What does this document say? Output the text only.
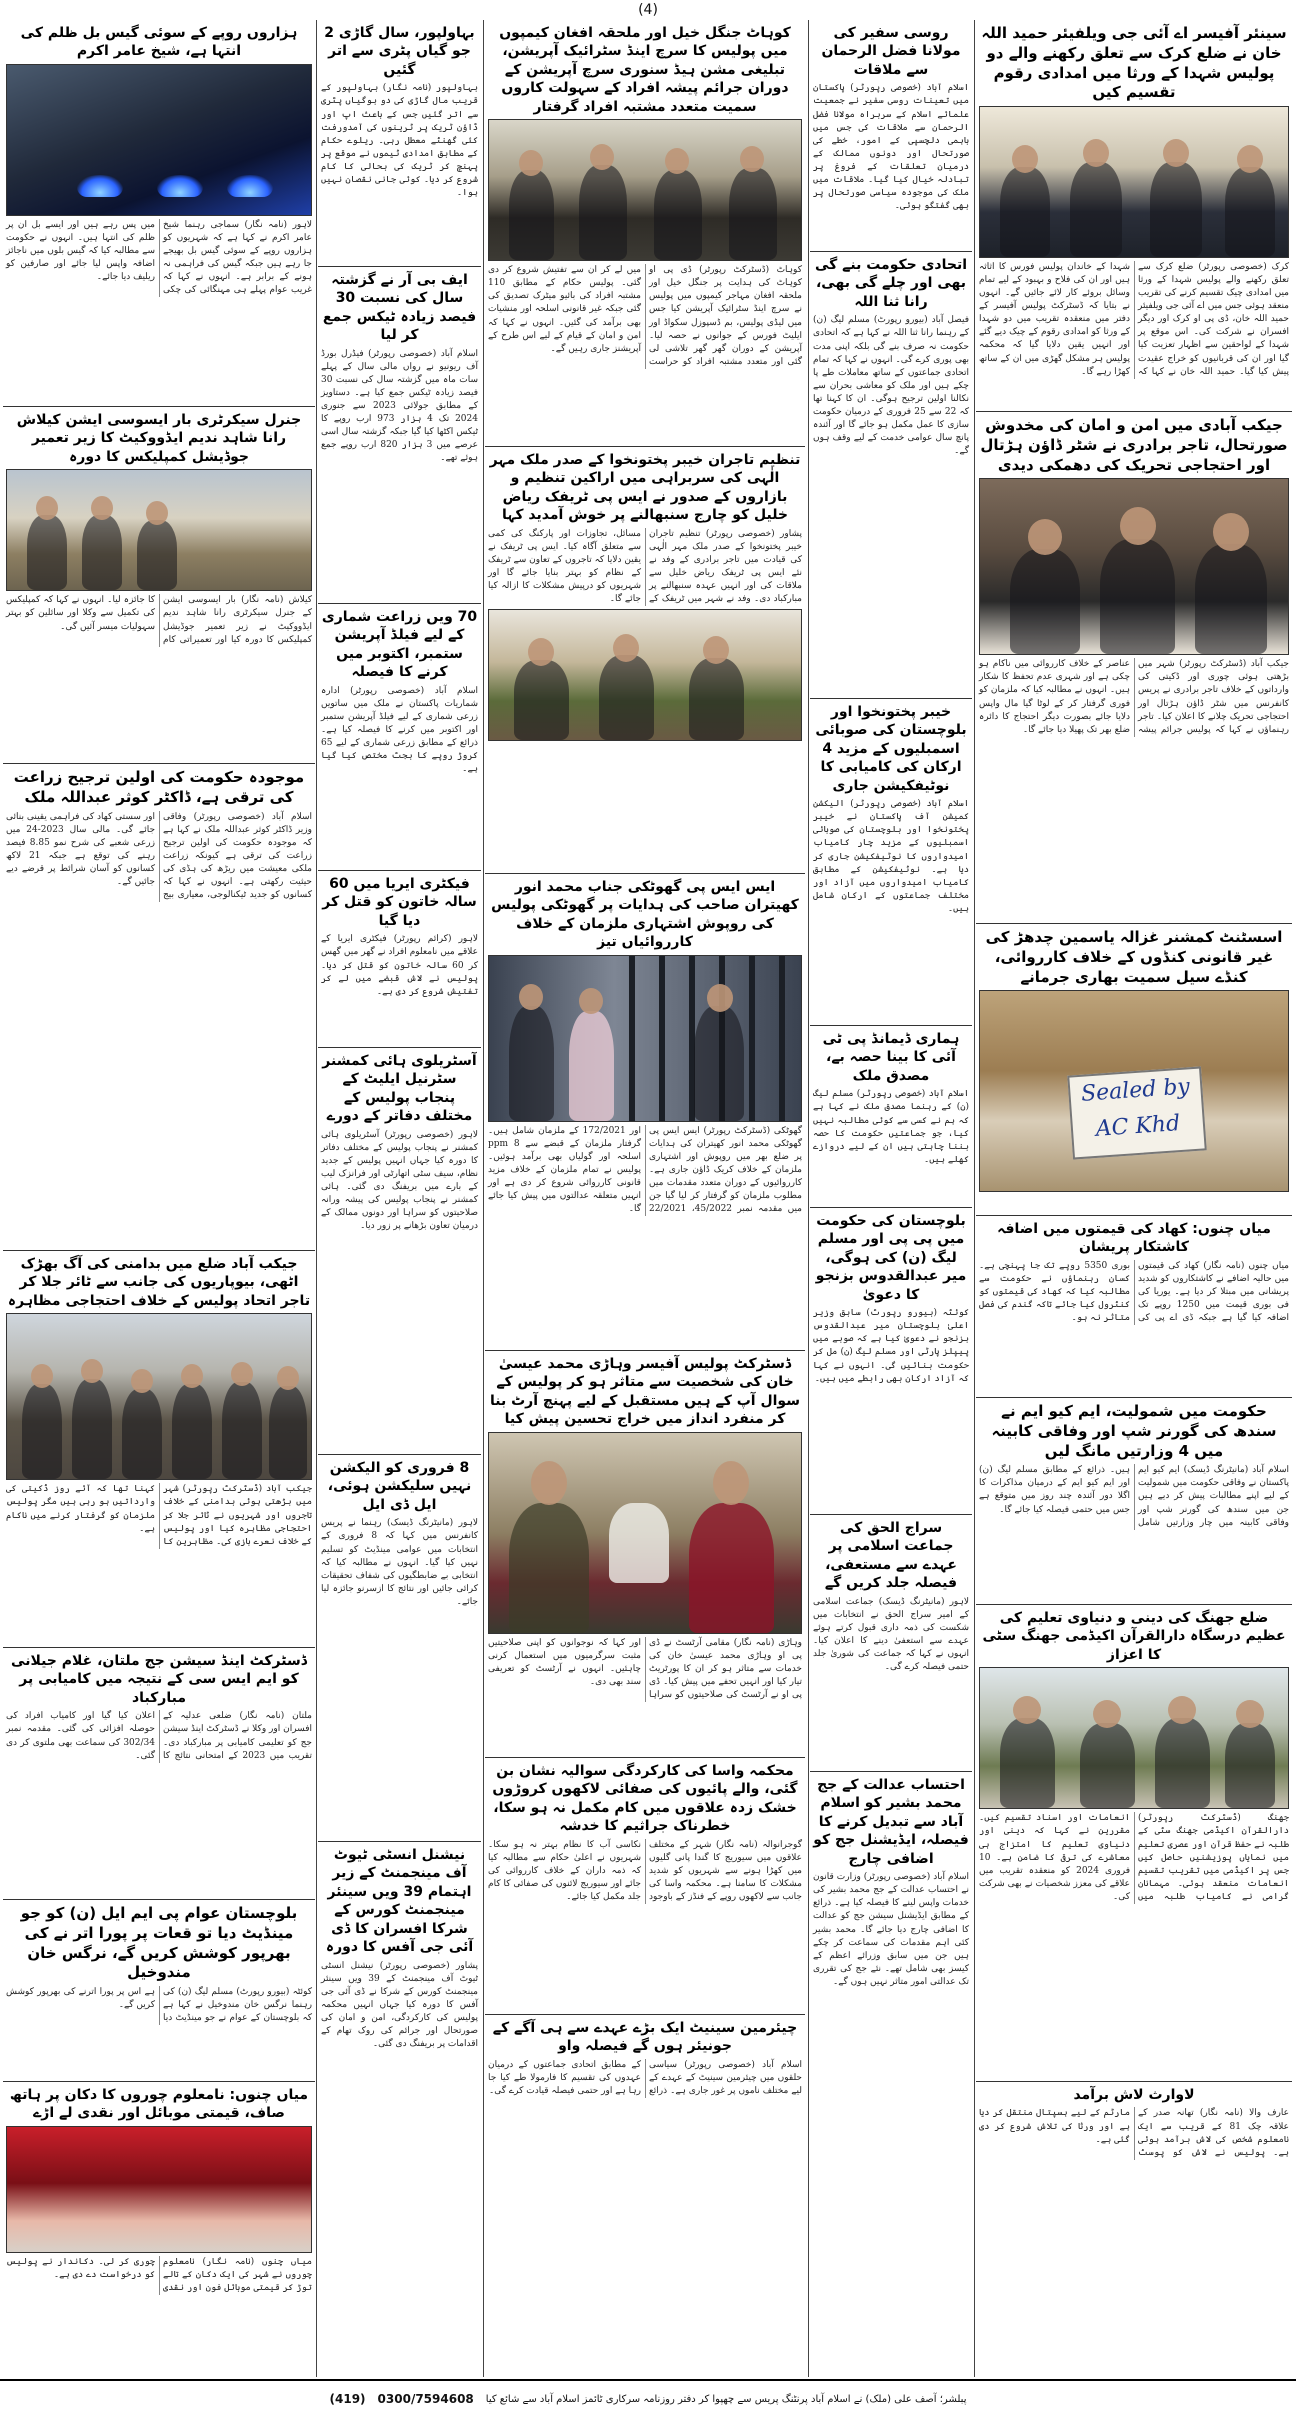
(4)
سینئر آفیسر اے آئی جی ویلفیئر حمید اللہ خان نے ضلع کرک سے تعلق رکھنے والے دو پولیس شہدا کے ورثا میں امدادی رقوم تقسیم کیں

کرک (خصوصی رپورٹر) ضلع کرک سے تعلق رکھنے والے پولیس شہدا کے ورثا میں امدادی چیک تقسیم کرنے کی تقریب منعقد ہوئی جس میں اے آئی جی ویلفیئر حمید اللہ خان، ڈی پی او کرک اور دیگر افسران نے شرکت کی۔ اس موقع پر شہدا کے لواحقین سے اظہار تعزیت کیا گیا اور ان کی قربانیوں کو خراج عقیدت پیش کیا گیا۔ حمید اللہ خان نے کہا کہ شہدا کے خاندان پولیس فورس کا اثاثہ ہیں اور ان کی فلاح و بہبود کے لیے تمام وسائل بروئے کار لائے جائیں گے۔ انہوں نے بتایا کہ ڈسٹرکٹ پولیس آفیسر کے دفتر میں منعقدہ تقریب میں دو شہدا کے ورثا کو امدادی رقوم کے چیک دیے گئے اور انہیں یقین دلایا گیا کہ محکمہ پولیس ہر مشکل گھڑی میں ان کے ساتھ کھڑا رہے گا۔

جیکب آبادی میں امن و امان کی مخدوش صورتحال، تاجر برادری نے شٹر ڈاؤن ہڑتال اور احتجاجی تحریک کی دھمکی دیدی

جیکب آباد (ڈسٹرکٹ رپورٹر) شہر میں بڑھتی ہوئی چوری اور ڈکیتی کی وارداتوں کے خلاف تاجر برادری نے پریس کانفرنس میں شٹر ڈاؤن ہڑتال اور احتجاجی تحریک چلانے کا اعلان کیا۔ تاجر رہنماؤں نے کہا کہ پولیس جرائم پیشہ عناصر کے خلاف کارروائی میں ناکام ہو چکی ہے اور شہری عدم تحفظ کا شکار ہیں۔ انہوں نے مطالبہ کیا کہ ملزمان کو فوری گرفتار کر کے لوٹا گیا مال واپس دلایا جائے بصورت دیگر احتجاج کا دائرہ ضلع بھر تک پھیلا دیا جائے گا۔

اسسٹنٹ کمشنر غزالہ یاسمین چدھڑ کی غیر قانونی کنڈوں کے خلاف کارروائی، کنڈے سیل سمیت بھاری جرمانے
Sealed by AC Khd
میاں چنوں: کھاد کی قیمتوں میں اضافہ کاشتکار پریشان

میاں چنوں (نامہ نگار) کھاد کی قیمتوں میں حالیہ اضافے نے کاشتکاروں کو شدید پریشانی میں مبتلا کر دیا ہے۔ یوریا کی فی بوری قیمت میں 1250 روپے تک اضافہ کیا گیا ہے جبکہ ڈی اے پی کی بوری 5350 روپے تک جا پہنچی ہے۔ کسان رہنماؤں نے حکومت سے مطالبہ کیا کہ کھاد کی قیمتوں کو کنٹرول کیا جائے تاکہ گندم کی فصل متاثر نہ ہو۔

حکومت میں شمولیت، ایم کیو ایم نے سندھ کی گورنر شپ اور وفاقی کابینہ میں 4 وزارتیں مانگ لیں

اسلام آباد (مانیٹرنگ ڈیسک) ایم کیو ایم پاکستان نے وفاقی حکومت میں شمولیت کے لیے اپنے مطالبات پیش کر دیے ہیں جن میں سندھ کی گورنر شپ اور وفاقی کابینہ میں چار وزارتیں شامل ہیں۔ ذرائع کے مطابق مسلم لیگ (ن) اور ایم کیو ایم کے درمیان مذاکرات کا اگلا دور آئندہ چند روز میں متوقع ہے جس میں حتمی فیصلہ کیا جائے گا۔

ضلع جھنگ کی دینی و دنیاوی تعلیم کی عظیم درسگاہ دارالقرآن اکیڈمی جھنگ سٹی کا اعزاز

جھنگ (ڈسٹرکٹ رپورٹر) دارالقرآن اکیڈمی جھنگ سٹی کے طلبہ نے حفظ قرآن اور عصری تعلیم میں نمایاں پوزیشنیں حاصل کیں جس پر اکیڈمی میں تقریب تقسیم انعامات منعقد ہوئی۔ مہمانان گرامی نے کامیاب طلبہ میں انعامات اور اسناد تقسیم کیں۔ مقررین نے کہا کہ دینی اور دنیاوی تعلیم کا امتزاج ہی معاشرے کی ترقی کا ضامن ہے۔ 10 فروری 2024 کو منعقدہ تقریب میں علاقے کی معزز شخصیات نے بھی شرکت کی۔

لاوارث لاش برآمد

عارف والا (نامہ نگار) تھانہ صدر کے علاقہ چک 81 کے قریب سے ایک نامعلوم شخص کی لاش برآمد ہوئی ہے۔ پولیس نے لاش کو پوسٹ مارٹم کے لیے ہسپتال منتقل کر دیا ہے اور ورثا کی تلاش شروع کر دی گئی ہے۔

روسی سفیر کی مولانا فضل الرحمان سے ملاقات

اسلام آباد (خصوصی رپورٹر) پاکستان میں تعینات روسی سفیر نے جمعیت علمائے اسلام کے سربراہ مولانا فضل الرحمان سے ملاقات کی جس میں باہمی دلچسپی کے امور، خطے کی صورتحال اور دونوں ممالک کے درمیان تعلقات کے فروغ پر تبادلہ خیال کیا گیا۔ ملاقات میں ملک کی موجودہ سیاسی صورتحال پر بھی گفتگو ہوئی۔

اتحادی حکومت بنے گی بھی اور چلے گی بھی، رانا ثنا اللہ

فیصل آباد (بیورو رپورٹ) مسلم لیگ (ن) کے رہنما رانا ثنا اللہ نے کہا ہے کہ اتحادی حکومت نہ صرف بنے گی بلکہ اپنی مدت بھی پوری کرے گی۔ انہوں نے کہا کہ تمام اتحادی جماعتوں کے ساتھ معاملات طے پا چکے ہیں اور ملک کو معاشی بحران سے نکالنا اولین ترجیح ہوگی۔ ان کا کہنا تھا کہ 22 سے 25 فروری کے درمیان حکومت سازی کا عمل مکمل ہو جائے گا اور آئندہ پانچ سال عوامی خدمت کے لیے وقف ہوں گے۔

خیبر پختونخوا اور بلوچستان کی صوبائی اسمبلیوں کے مزید 4 ارکان کی کامیابی کا نوٹیفکیشن جاری

اسلام آباد (خصوصی رپورٹر) الیکشن کمیشن آف پاکستان نے خیبر پختونخوا اور بلوچستان کی صوبائی اسمبلیوں کے مزید چار کامیاب امیدواروں کا نوٹیفکیشن جاری کر دیا ہے۔ نوٹیفکیشن کے مطابق کامیاب امیدواروں میں آزاد اور مختلف جماعتوں کے ارکان شامل ہیں۔

ہماری ڈیمانڈ پی ٹی آئی کا بینا حصہ بے، مصدق ملک

اسلام آباد (خصوصی رپورٹر) مسلم لیگ (ن) کے رہنما مصدق ملک نے کہا ہے کہ ہم نے کسی سے کوئی مطالبہ نہیں کیا، جو جماعتیں حکومت کا حصہ بننا چاہتی ہیں ان کے لیے دروازے کھلے ہیں۔

بلوچستان کی حکومت میں پی پی اور مسلم لیگ (ن) کی ہوگی، میر عبدالقدوس بزنجو کا دعویٰ

کوئٹہ (بیورو رپورٹ) سابق وزیر اعلیٰ بلوچستان میر عبدالقدوس بزنجو نے دعویٰ کیا ہے کہ صوبے میں پیپلز پارٹی اور مسلم لیگ (ن) مل کر حکومت بنائیں گی۔ انہوں نے کہا کہ آزاد ارکان بھی رابطے میں ہیں۔

سراج الحق کی جماعت اسلامی پر عہدے سے مستعفی، فیصلہ جلد کریں گے

لاہور (مانیٹرنگ ڈیسک) جماعت اسلامی کے امیر سراج الحق نے انتخابات میں شکست کی ذمہ داری قبول کرتے ہوئے عہدے سے استعفیٰ دینے کا اعلان کیا۔ انہوں نے کہا کہ جماعت کی شوریٰ جلد حتمی فیصلہ کرے گی۔

احتساب عدالت کے جج محمد بشیر کو اسلام آباد سے تبدیل کرنے کا فیصلہ، ایڈیشنل جج کو اضافی چارج

اسلام آباد (خصوصی رپورٹر) وزارت قانون نے احتساب عدالت کے جج محمد بشیر کی خدمات واپس لینے کا فیصلہ کیا ہے۔ ذرائع کے مطابق ایڈیشنل سیشن جج کو عدالت کا اضافی چارج دیا جائے گا۔ محمد بشیر کئی اہم مقدمات کی سماعت کر چکے ہیں جن میں سابق وزرائے اعظم کے کیسز بھی شامل تھے۔ نئے جج کی تقرری تک عدالتی امور متاثر نہیں ہوں گے۔

کوہاٹ جنگل خیل اور ملحقہ افغان کیمپوں میں پولیس کا سرچ اینڈ سٹرائیک آپریشن، تبلیغی مشن ہیڈ سنوری سرچ آپریشن کے دوران جرائم پیشہ افراد کے سہولت کاروں سمیت متعدد مشتبہ افراد گرفتار

کوہاٹ (ڈسٹرکٹ رپورٹر) ڈی پی او کوہاٹ کی ہدایت پر جنگل خیل اور ملحقہ افغان مہاجر کیمپوں میں پولیس نے سرچ اینڈ سٹرائیک آپریشن کیا جس میں لیڈی پولیس، بم ڈسپوزل سکواڈ اور ایلیٹ فورس کے جوانوں نے حصہ لیا۔ آپریشن کے دوران گھر گھر تلاشی لی گئی اور متعدد مشتبہ افراد کو حراست میں لے کر ان سے تفتیش شروع کر دی گئی۔ پولیس حکام کے مطابق 110 مشتبہ افراد کی بائیو میٹرک تصدیق کی گئی جبکہ غیر قانونی اسلحہ اور منشیات بھی برآمد کی گئیں۔ انہوں نے کہا کہ امن و امان کے قیام کے لیے اس طرح کے آپریشنز جاری رہیں گے۔

تنظیم تاجران خیبر پختونخوا کے صدر ملک مہر الٰہی کی سربراہی میں اراکین تنظیم و بازاروں کے صدور نے ایس پی ٹریفک ریاض خلیل کو چارج سنبھالنے پر خوش آمدید کہا

پشاور (خصوصی رپورٹر) تنظیم تاجران خیبر پختونخوا کے صدر ملک مہر الٰہی کی قیادت میں تاجر برادری کے وفد نے نئے ایس پی ٹریفک ریاض خلیل سے ملاقات کی اور انہیں عہدہ سنبھالنے پر مبارکباد دی۔ وفد نے شہر میں ٹریفک کے مسائل، تجاوزات اور پارکنگ کی کمی سے متعلق آگاہ کیا۔ ایس پی ٹریفک نے یقین دلایا کہ تاجروں کے تعاون سے ٹریفک کے نظام کو بہتر بنایا جائے گا اور شہریوں کو درپیش مشکلات کا ازالہ کیا جائے گا۔

ایس ایس پی گھوٹکی جناب محمد انور کھیتران صاحب کی ہدایات پر گھوٹکی پولیس کی روپوش اشتہاری ملزمان کے خلاف کارروائیاں تیز

گھوٹکی (ڈسٹرکٹ رپورٹر) ایس ایس پی گھوٹکی محمد انور کھیتران کی ہدایات پر ضلع بھر میں روپوش اور اشتہاری ملزمان کے خلاف کریک ڈاؤن جاری ہے۔ کارروائیوں کے دوران متعدد مقدمات میں مطلوب ملزمان کو گرفتار کر لیا گیا جن میں مقدمہ نمبر 45/2022، 22/2021 اور 172/2021 کے ملزمان شامل ہیں۔ گرفتار ملزمان کے قبضے سے 8 ppm اسلحہ اور گولیاں بھی برآمد ہوئیں۔ پولیس نے تمام ملزمان کے خلاف مزید قانونی کارروائی شروع کر دی ہے اور انہیں متعلقہ عدالتوں میں پیش کیا جائے گا۔

ڈسٹرکٹ پولیس آفیسر وہاڑی محمد عیسیٰ خان کی شخصیت سے متاثر ہو کر پولیس کے سوال آپ کے ہیں مستقبل کے لیے پہنچ آرٹ بنا کر منفرد انداز میں خراج تحسین پیش کیا

وہاڑی (نامہ نگار) مقامی آرٹسٹ نے ڈی پی او وہاڑی محمد عیسیٰ خان کی خدمات سے متاثر ہو کر ان کا پورٹریٹ تیار کیا اور انہیں تحفے میں پیش کیا۔ ڈی پی او نے آرٹسٹ کی صلاحیتوں کو سراہا اور کہا کہ نوجوانوں کو اپنی صلاحیتیں مثبت سرگرمیوں میں استعمال کرنی چاہئیں۔ انہوں نے آرٹسٹ کو تعریفی سند بھی دی۔

محکمہ واسا کی کارکردگی سوالیہ نشان بن گئی، والے پائیوں کی صفائی لاکھوں کروڑوں خشک زدہ علاقوں میں کام مکمل نہ ہو سکا، خطرناک جراثیم کا خدشہ

گوجرانوالہ (نامہ نگار) شہر کے مختلف علاقوں میں سیوریج کا گندا پانی گلیوں میں کھڑا ہونے سے شہریوں کو شدید مشکلات کا سامنا ہے۔ محکمہ واسا کی جانب سے لاکھوں روپے کے فنڈز کے باوجود نکاسی آب کا نظام بہتر نہ ہو سکا۔ شہریوں نے اعلیٰ حکام سے مطالبہ کیا کہ ذمہ داران کے خلاف کارروائی کی جائے اور سیوریج لائنوں کی صفائی کا کام جلد مکمل کیا جائے۔

چیئرمین سینیٹ ایک بڑے عہدے سے ہی آگے کے جونیئر ہوں گے فیصلہ واو

اسلام آباد (خصوصی رپورٹر) سیاسی حلقوں میں چیئرمین سینیٹ کے عہدے کے لیے مختلف ناموں پر غور جاری ہے۔ ذرائع کے مطابق اتحادی جماعتوں کے درمیان عہدوں کی تقسیم کا فارمولا طے کیا جا رہا ہے اور حتمی فیصلہ قیادت کرے گی۔

بہاولپور، سال گاڑی 2 جو گیاں پٹری سے اتر گئیں

بہاولپور (نامہ نگار) بہاولپور کے قریب مال گاڑی کی دو بوگیاں پٹری سے اتر گئیں جس کے باعث اپ اور ڈاؤن ٹریک پر ٹرینوں کی آمدورفت کئی گھنٹے معطل رہی۔ ریلوے حکام کے مطابق امدادی ٹیموں نے موقع پر پہنچ کر ٹریک کی بحالی کا کام شروع کر دیا۔ کوئی جانی نقصان نہیں ہوا۔

ایف بی آر نے گزشتہ سال کی نسبت 30 فیصد زیادہ ٹیکس جمع کر لیا

اسلام آباد (خصوصی رپورٹر) فیڈرل بورڈ آف ریونیو نے رواں مالی سال کے پہلے سات ماہ میں گزشتہ سال کی نسبت 30 فیصد زیادہ ٹیکس جمع کیا ہے۔ دستاویز کے مطابق جولائی 2023 سے جنوری 2024 تک 4 ہزار 973 ارب روپے کا ٹیکس اکٹھا کیا گیا جبکہ گزشتہ سال اسی عرصے میں 3 ہزار 820 ارب روپے جمع ہوئے تھے۔

70 ویں زراعت شماری کے لیے فیلڈ آپریشن ستمبر، اکتوبر میں کرنے کا فیصلہ

اسلام آباد (خصوصی رپورٹر) ادارہ شماریات پاکستان نے ملک میں ساتویں زرعی شماری کے لیے فیلڈ آپریشن ستمبر اور اکتوبر میں کرنے کا فیصلہ کیا ہے۔ ذرائع کے مطابق زرعی شماری کے لیے 65 کروڑ روپے کا بجٹ مختص کیا گیا ہے۔

فیکٹری ایریا میں 60 سالہ خاتون کو قتل کر دیا گیا

لاہور (کرائم رپورٹر) فیکٹری ایریا کے علاقے میں نامعلوم افراد نے گھر میں گھس کر 60 سالہ خاتون کو قتل کر دیا۔ پولیس نے لاش قبضے میں لے کر تفتیش شروع کر دی ہے۔

آسٹریلوی ہائی کمشنر سٹرنیل ایلیٹ کے پنجاب پولیس کے مختلف دفاتر کے دورے

لاہور (خصوصی رپورٹر) آسٹریلوی ہائی کمشنر نے پنجاب پولیس کے مختلف دفاتر کا دورہ کیا جہاں انہیں پولیس کے جدید نظام، سیف سٹی اتھارٹی اور فرانزک لیب کے بارے میں بریفنگ دی گئی۔ ہائی کمشنر نے پنجاب پولیس کی پیشہ ورانہ صلاحیتوں کو سراہا اور دونوں ممالک کے درمیان تعاون بڑھانے پر زور دیا۔

8 فروری کو الیکشن نہیں سلیکشن ہوئی، ایل ڈی ایل

لاہور (مانیٹرنگ ڈیسک) رہنما نے پریس کانفرنس میں کہا کہ 8 فروری کے انتخابات میں عوامی مینڈیٹ کو تسلیم نہیں کیا گیا۔ انہوں نے مطالبہ کیا کہ انتخابی بے ضابطگیوں کی شفاف تحقیقات کرائی جائیں اور نتائج کا ازسرنو جائزہ لیا جائے۔

نیشنل انسٹی ٹیوٹ آف مینجمنٹ کے زیر اہتمام 39 ویں سینئر مینجمنٹ کورس کے شرکا افسران کا ڈی آئی جی آفس کا دورہ

پشاور (خصوصی رپورٹر) نیشنل انسٹی ٹیوٹ آف مینجمنٹ کے 39 ویں سینئر مینجمنٹ کورس کے شرکا نے ڈی آئی جی آفس کا دورہ کیا جہاں انہیں محکمہ پولیس کی کارکردگی، امن و امان کی صورتحال اور جرائم کی روک تھام کے اقدامات پر بریفنگ دی گئی۔

ہزاروں روپے کے سوئی گیس بل ظلم کی انتہا ہے، شیخ عامر اکرم

لاہور (نامہ نگار) سماجی رہنما شیخ عامر اکرم نے کہا ہے کہ شہریوں کو ہزاروں روپے کے سوئی گیس بل بھیجے جا رہے ہیں جبکہ گیس کی فراہمی نہ ہونے کے برابر ہے۔ انہوں نے کہا کہ غریب عوام پہلے ہی مہنگائی کی چکی میں پس رہے ہیں اور ایسے بل ان پر ظلم کی انتہا ہیں۔ انہوں نے حکومت سے مطالبہ کیا کہ گیس بلوں میں ناجائز اضافہ واپس لیا جائے اور صارفین کو ریلیف دیا جائے۔

جنرل سیکرٹری بار ایسوسی ایشن کیلاش رانا شاہد ندیم ایڈووکیٹ کا زیر تعمیر جوڈیشل کمپلیکس کا دورہ

کیلاش (نامہ نگار) بار ایسوسی ایشن کے جنرل سیکرٹری رانا شاہد ندیم ایڈووکیٹ نے زیر تعمیر جوڈیشل کمپلیکس کا دورہ کیا اور تعمیراتی کام کا جائزہ لیا۔ انہوں نے کہا کہ کمپلیکس کی تکمیل سے وکلا اور سائلین کو بہتر سہولیات میسر آئیں گی۔

موجودہ حکومت کی اولین ترجیح زراعت کی ترقی ہے، ڈاکٹر کوثر عبداللہ ملک

اسلام آباد (خصوصی رپورٹر) وفاقی وزیر ڈاکٹر کوثر عبداللہ ملک نے کہا ہے کہ موجودہ حکومت کی اولین ترجیح زراعت کی ترقی ہے کیونکہ زراعت ملکی معیشت میں ریڑھ کی ہڈی کی حیثیت رکھتی ہے۔ انہوں نے کہا کہ کسانوں کو جدید ٹیکنالوجی، معیاری بیج اور سستی کھاد کی فراہمی یقینی بنائی جائے گی۔ مالی سال 2023-24 میں زرعی شعبے کی شرح نمو 8.85 فیصد رہنے کی توقع ہے جبکہ 21 لاکھ کسانوں کو آسان شرائط پر قرضے دیے جائیں گے۔

جیکب آباد ضلع میں بدامنی کی آگ بھڑک اٹھی، بیوپاریوں کی جانب سے ٹائر جلا کر تاجر اتحاد پولیس کے خلاف احتجاجی مظاہرہ

جیکب آباد (ڈسٹرکٹ رپورٹر) شہر میں بڑھتی ہوئی بدامنی کے خلاف تاجروں اور شہریوں نے ٹائر جلا کر احتجاجی مظاہرہ کیا اور پولیس کے خلاف نعرے بازی کی۔ مظاہرین کا کہنا تھا کہ آئے روز ڈکیتی کی وارداتیں ہو رہی ہیں مگر پولیس ملزمان کو گرفتار کرنے میں ناکام ہے۔

ڈسٹرکٹ اینڈ سیشن جج ملتان، غلام جیلانی کو ایم ایس سی کے نتیجہ میں کامیابی پر مبارکباد

ملتان (نامہ نگار) ضلعی عدلیہ کے افسران اور وکلا نے ڈسٹرکٹ اینڈ سیشن جج کو تعلیمی کامیابی پر مبارکباد دی۔ تقریب میں 2023 کے امتحانی نتائج کا اعلان کیا گیا اور کامیاب افراد کی حوصلہ افزائی کی گئی۔ مقدمہ نمبر 302/34 کی سماعت بھی ملتوی کر دی گئی۔

بلوچستان عوام پی ایم ایل (ن) کو جو مینڈیٹ دیا تو قعات پر پورا اتر نے کی بھرپور کوشش کریں گے، نرگس خان مندوخیل

کوئٹہ (بیورو رپورٹ) مسلم لیگ (ن) کی رہنما نرگس خان مندوخیل نے کہا ہے کہ بلوچستان کے عوام نے جو مینڈیٹ دیا ہے اس پر پورا اترنے کی بھرپور کوشش کریں گے۔

میاں چنوں: نامعلوم چوروں کا دکان پر ہاتھ صاف، قیمتی موبائل اور نقدی لے اڑے

میاں چنوں (نامہ نگار) نامعلوم چوروں نے شہر کی ایک دکان کے تالے توڑ کر قیمتی موبائل فون اور نقدی چوری کر لی۔ دکاندار نے پولیس کو درخواست دے دی ہے۔

پبلشر؛ آصف علی (ملک) نے اسلام آباد پرنٹنگ پریس سے چھپوا کر دفتر روزنامہ سرکاری ٹائمز اسلام آباد سے شائع کیا
0300/7594608
(419)
